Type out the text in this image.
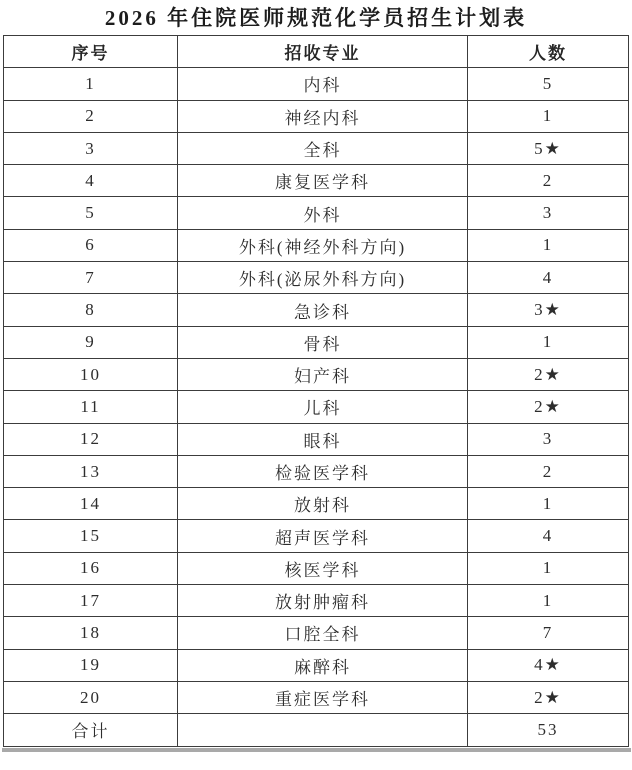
2026 年住院医师规范化学员招生计划表
序号	招收专业	人数
1	内科	5
2	神经内科	1
3	全科	5★
4	康复医学科	2
5	外科	3
6	外科(神经外科方向)	1
7	外科(泌尿外科方向)	4
8	急诊科	3★
9	骨科	1
10	妇产科	2★
11	儿科	2★
12	眼科	3
13	检验医学科	2
14	放射科	1
15	超声医学科	4
16	核医学科	1
17	放射肿瘤科	1
18	口腔全科	7
19	麻醉科	4★
20	重症医学科	2★
合计		53
